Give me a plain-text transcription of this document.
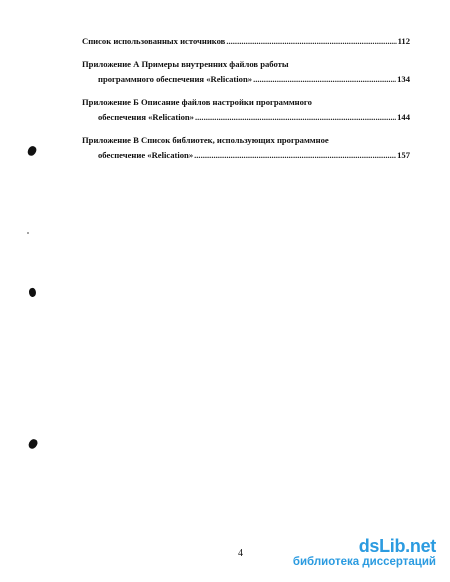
Список использованных источников .....	112
Приложение А Примеры внутренних файлов работы
программного обеспечения «Relication» .....	134
Приложение Б Описание файлов настройки программного
обеспечения «Relication» .....	144
Приложение В Список библиотек, использующих программное
обеспечение «Relication» .....	157
4	dsLib.net
библиотека диссертаций
